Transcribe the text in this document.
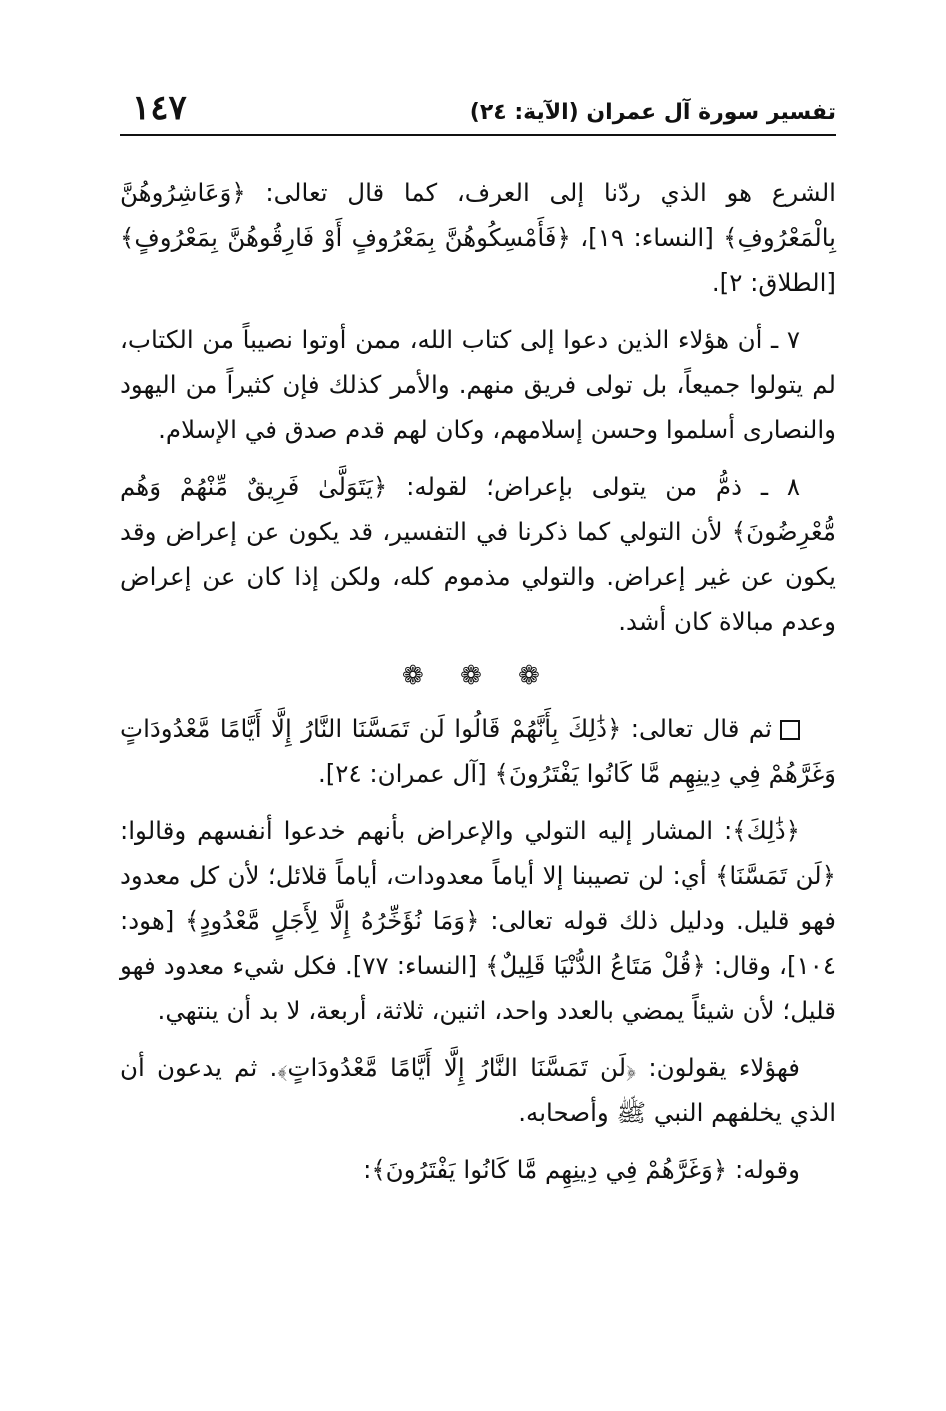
١٤٧	تفسير سورة آل عمران (الآية: ٢٤)

الشرع هو الذي ردّنا إلى العرف، كما قال تعالى: ﴿وَعَاشِرُوهُنَّ بِالْمَعْرُوفِ﴾ [النساء: ١٩]، ﴿فَأَمْسِكُوهُنَّ بِمَعْرُوفٍ أَوْ فَارِقُوهُنَّ بِمَعْرُوفٍ﴾ [الطلاق: ٢].

٧ ـ أن هؤلاء الذين دعوا إلى كتاب الله، ممن أوتوا نصيباً من الكتاب، لم يتولوا جميعاً، بل تولى فريق منهم. والأمر كذلك فإن كثيراً من اليهود والنصارى أسلموا وحسن إسلامهم، وكان لهم قدم صدق في الإسلام.

٨ ـ ذمُّ من يتولى بإعراض؛ لقوله: ﴿يَتَوَلَّىٰ فَرِيقٌ مِّنْهُمْ وَهُم مُّعْرِضُونَ﴾ لأن التولي كما ذكرنا في التفسير، قد يكون عن إعراض وقد يكون عن غير إعراض. والتولي مذموم كله، ولكن إذا كان عن إعراض وعدم مبالاة كان أشد.

❁ ❁ ❁

ثم قال تعالى: ﴿ذَٰلِكَ بِأَنَّهُمْ قَالُوا لَن تَمَسَّنَا النَّارُ إِلَّا أَيَّامًا مَّعْدُودَاتٍ وَغَرَّهُمْ فِي دِينِهِم مَّا كَانُوا يَفْتَرُونَ﴾ [آل عمران: ٢٤].

﴿ذَٰلِكَ﴾: المشار إليه التولي والإعراض بأنهم خدعوا أنفسهم وقالوا: ﴿لَن تَمَسَّنَا﴾ أي: لن تصيبنا إلا أياماً معدودات، أياماً قلائل؛ لأن كل معدود فهو قليل. ودليل ذلك قوله تعالى: ﴿وَمَا نُؤَخِّرُهُ إِلَّا لِأَجَلٍ مَّعْدُودٍ﴾ [هود: ١٠٤]، وقال: ﴿قُلْ مَتَاعُ الدُّنْيَا قَلِيلٌ﴾ [النساء: ٧٧]. فكل شيء معدود فهو قليل؛ لأن شيئاً يمضي بالعدد واحد، اثنين، ثلاثة، أربعة، لا بد أن ينتهي.

فهؤلاء يقولون: ﴿لَن تَمَسَّنَا النَّارُ إِلَّا أَيَّامًا مَّعْدُودَاتٍ﴾. ثم يدعون أن الذي يخلفهم النبي ﷺ وأصحابه.

وقوله: ﴿وَغَرَّهُمْ فِي دِينِهِم مَّا كَانُوا يَفْتَرُونَ﴾:
